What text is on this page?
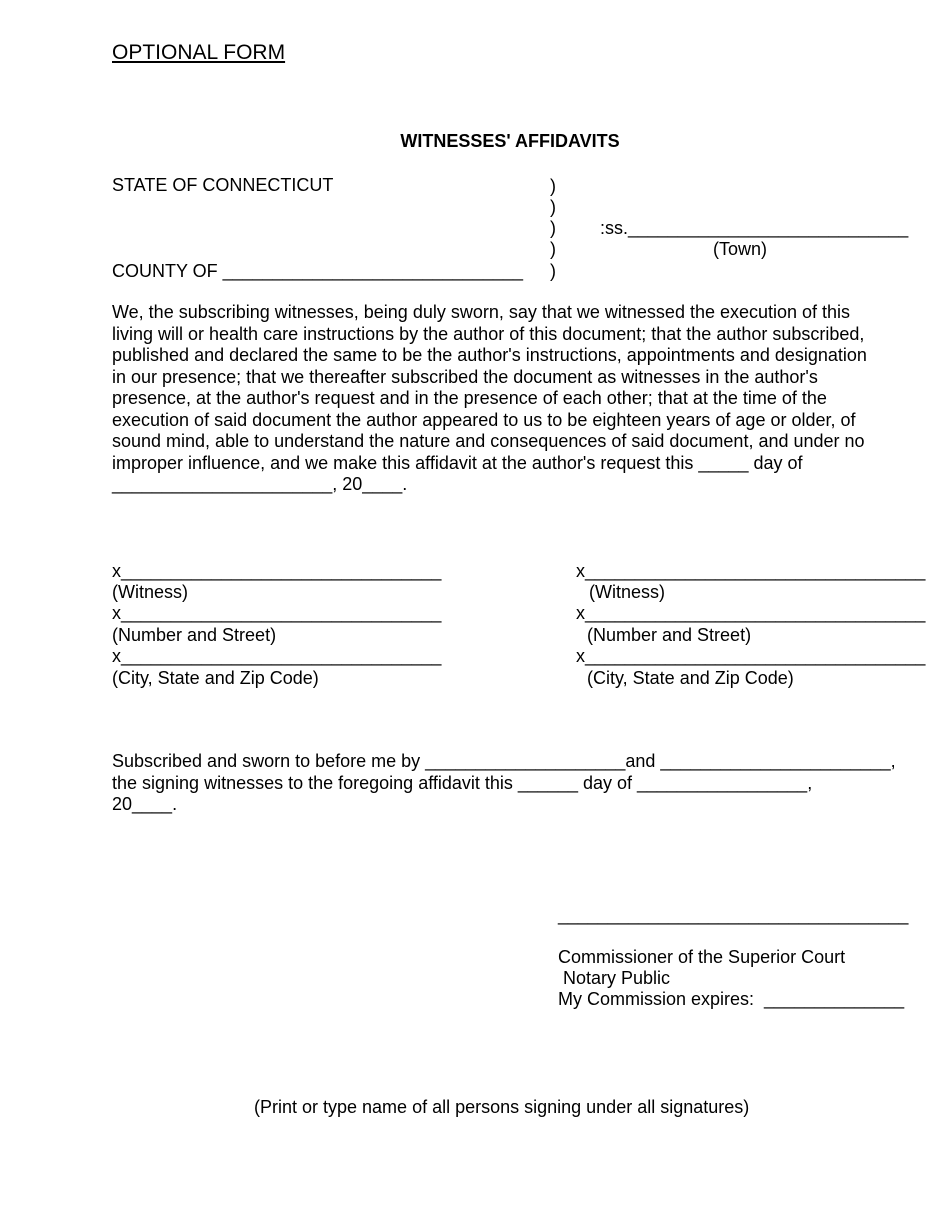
OPTIONAL FORM
WITNESSES' AFFIDAVITS
STATE OF CONNECTICUT
COUNTY OF ______________________________
)
)
)
)
)
:ss.____________________________
(Town)
We, the subscribing witnesses, being duly sworn, say that we witnessed the execution of this
living will or health care instructions by the author of this document; that the author subscribed,
published and declared the same to be the author's instructions, appointments and designation
in our presence; that we thereafter subscribed the document as witnesses in the author's
presence, at the author's request and in the presence of each other; that at the time of the
execution of said document the author appeared to us to be eighteen years of age or older, of
sound mind, able to understand the nature and consequences of said document, and under no
improper influence, and we make this affidavit at the author's request this _____ day of
______________________, 20____.
x________________________________
(Witness)
x________________________________
(Number and Street)
x________________________________
(City, State and Zip Code)
x__________________________________
(Witness)
x__________________________________
(Number and Street)
x__________________________________
(City, State and Zip Code)
Subscribed and sworn to before me by ____________________and _______________________,
the signing witnesses to the foregoing affidavit this ______ day of _________________,
20____.
___________________________________
Commissioner of the Superior Court
Notary Public
My Commission expires:  ______________
(Print or type name of all persons signing under all signatures)
